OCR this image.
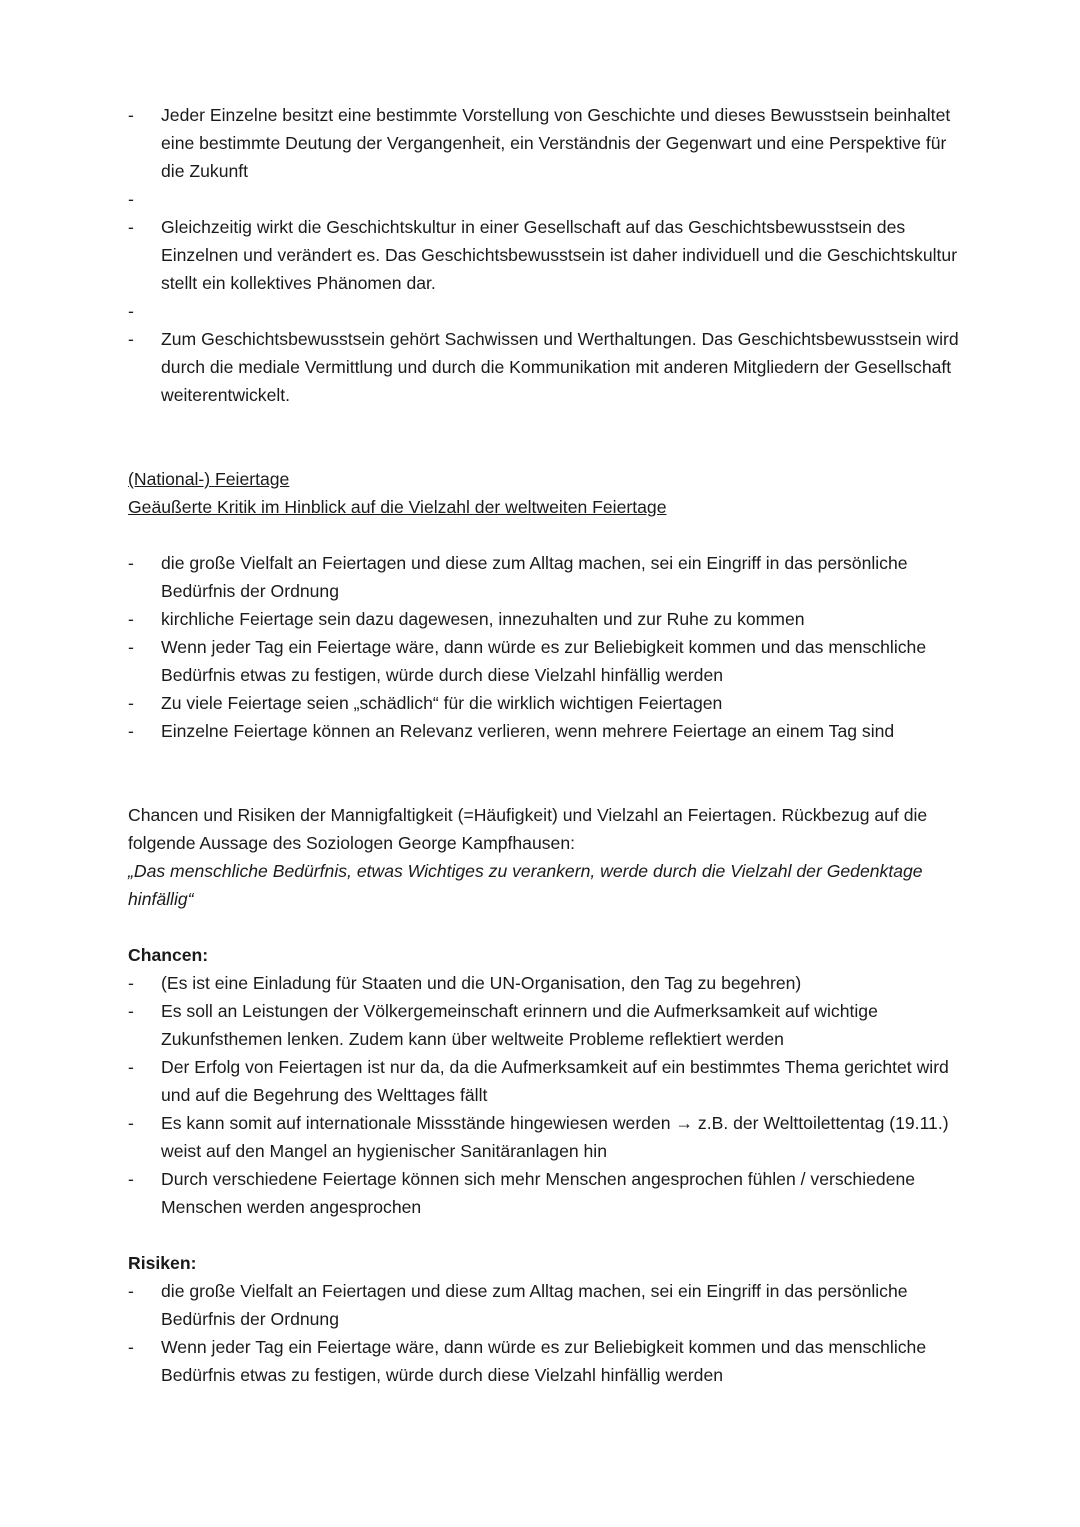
- Jeder Einzelne besitzt eine bestimmte Vorstellung von Geschichte und dieses Bewusstsein beinhaltet eine bestimmte Deutung der Vergangenheit, ein Verständnis der Gegenwart und eine Perspektive für die Zukunft
-
- Gleichzeitig wirkt die Geschichtskultur in einer Gesellschaft auf das Geschichtsbewusstsein des Einzelnen und verändert es. Das Geschichtsbewusstsein ist daher individuell und die Geschichtskultur stellt ein kollektives Phänomen dar.
-
- Zum Geschichtsbewusstsein gehört Sachwissen und Werthaltungen. Das Geschichtsbewusstsein wird durch die mediale Vermittlung und durch die Kommunikation mit anderen Mitgliedern der Gesellschaft weiterentwickelt.

(National-) Feiertage

Geäußerte Kritik im Hinblick auf die Vielzahl der weltweiten Feiertage

- die große Vielfalt an Feiertagen und diese zum Alltag machen, sei ein Eingriff in das persönliche Bedürfnis der Ordnung
- kirchliche Feiertage sein dazu dagewesen, innezuhalten und zur Ruhe zu kommen
- Wenn jeder Tag ein Feiertage wäre, dann würde es zur Beliebigkeit kommen und das menschliche Bedürfnis etwas zu festigen, würde durch diese Vielzahl hinfällig werden
- Zu viele Feiertage seien „schädlich“ für die wirklich wichtigen Feiertagen
- Einzelne Feiertage können an Relevanz verlieren, wenn mehrere Feiertage an einem Tag sind

Chancen und Risiken der Mannigfaltigkeit (=Häufigkeit) und Vielzahl an Feiertagen. Rückbezug auf die folgende Aussage des Soziologen George Kampfhausen:

„Das menschliche Bedürfnis, etwas Wichtiges zu verankern, werde durch die Vielzahl der Gedenktage hinfällig“

Chancen:

- (Es ist eine Einladung für Staaten und die UN-Organisation, den Tag zu begehren)
- Es soll an Leistungen der Völkergemeinschaft erinnern und die Aufmerksamkeit auf wichtige Zukunfsthemen lenken. Zudem kann über weltweite Probleme reflektiert werden
- Der Erfolg von Feiertagen ist nur da, da die Aufmerksamkeit auf ein bestimmtes Thema gerichtet wird und auf die Begehrung des Welttages fällt
- Es kann somit auf internationale Missstände hingewiesen werden → z.B. der Welttoilettentag (19.11.) weist auf den Mangel an hygienischer Sanitäranlagen hin
- Durch verschiedene Feiertage können sich mehr Menschen angesprochen fühlen / verschiedene Menschen werden angesprochen

Risiken:

- die große Vielfalt an Feiertagen und diese zum Alltag machen, sei ein Eingriff in das persönliche Bedürfnis der Ordnung
- Wenn jeder Tag ein Feiertage wäre, dann würde es zur Beliebigkeit kommen und das menschliche Bedürfnis etwas zu festigen, würde durch diese Vielzahl hinfällig werden
